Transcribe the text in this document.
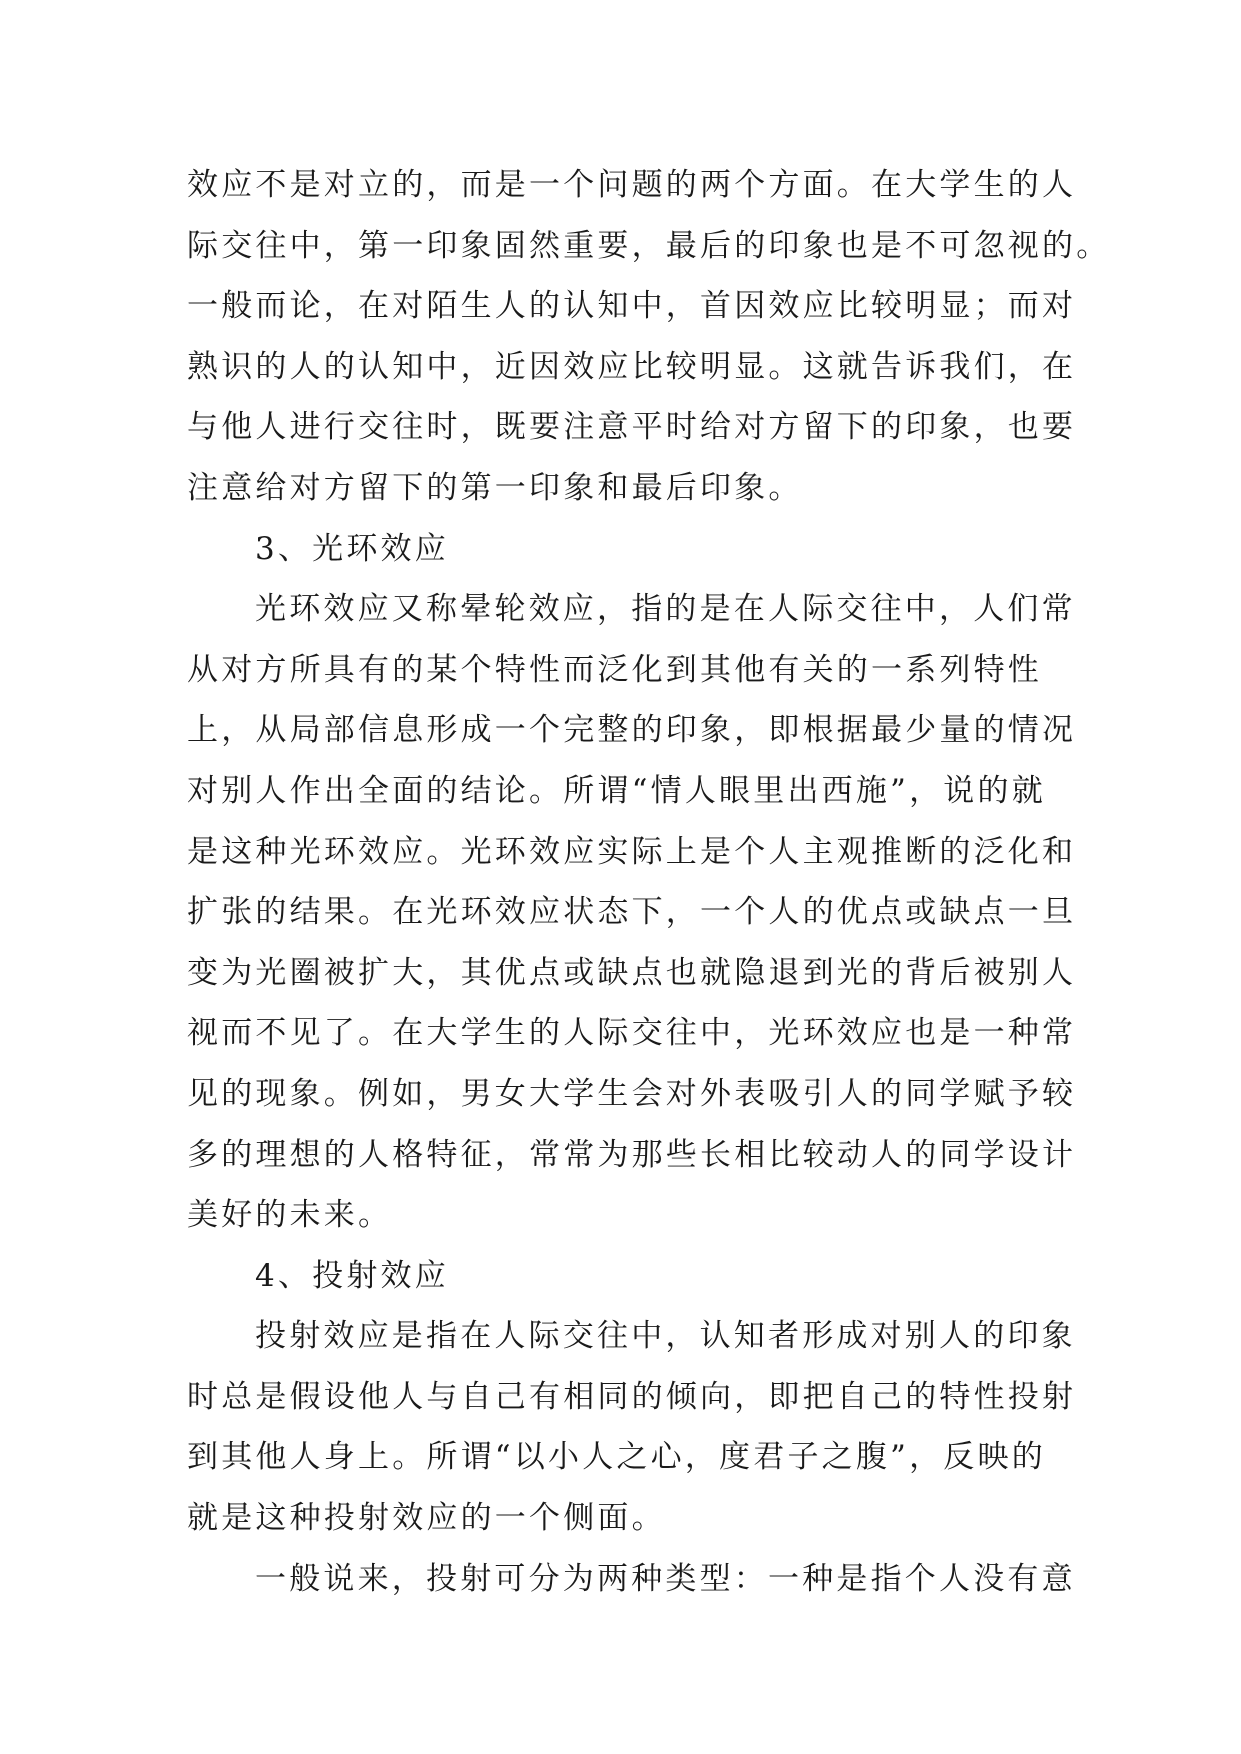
效应不是对立的，而是一个问题的两个方面。在大学生的人
际交往中，第一印象固然重要，最后的印象也是不可忽视的。
一般而论，在对陌生人的认知中，首因效应比较明显；而对
熟识的人的认知中，近因效应比较明显。这就告诉我们，在
与他人进行交往时，既要注意平时给对方留下的印象，也要
注意给对方留下的第一印象和最后印象。
3、光环效应
光环效应又称晕轮效应，指的是在人际交往中，人们常
从对方所具有的某个特性而泛化到其他有关的一系列特性
上，从局部信息形成一个完整的印象，即根据最少量的情况
对别人作出全面的结论。所谓“情人眼里出西施”，说的就
是这种光环效应。光环效应实际上是个人主观推断的泛化和
扩张的结果。在光环效应状态下，一个人的优点或缺点一旦
变为光圈被扩大，其优点或缺点也就隐退到光的背后被别人
视而不见了。在大学生的人际交往中，光环效应也是一种常
见的现象。例如，男女大学生会对外表吸引人的同学赋予较
多的理想的人格特征，常常为那些长相比较动人的同学设计
美好的未来。
4、投射效应
投射效应是指在人际交往中，认知者形成对别人的印象
时总是假设他人与自己有相同的倾向，即把自己的特性投射
到其他人身上。所谓“以小人之心，度君子之腹”，反映的
就是这种投射效应的一个侧面。
一般说来，投射可分为两种类型：一种是指个人没有意
